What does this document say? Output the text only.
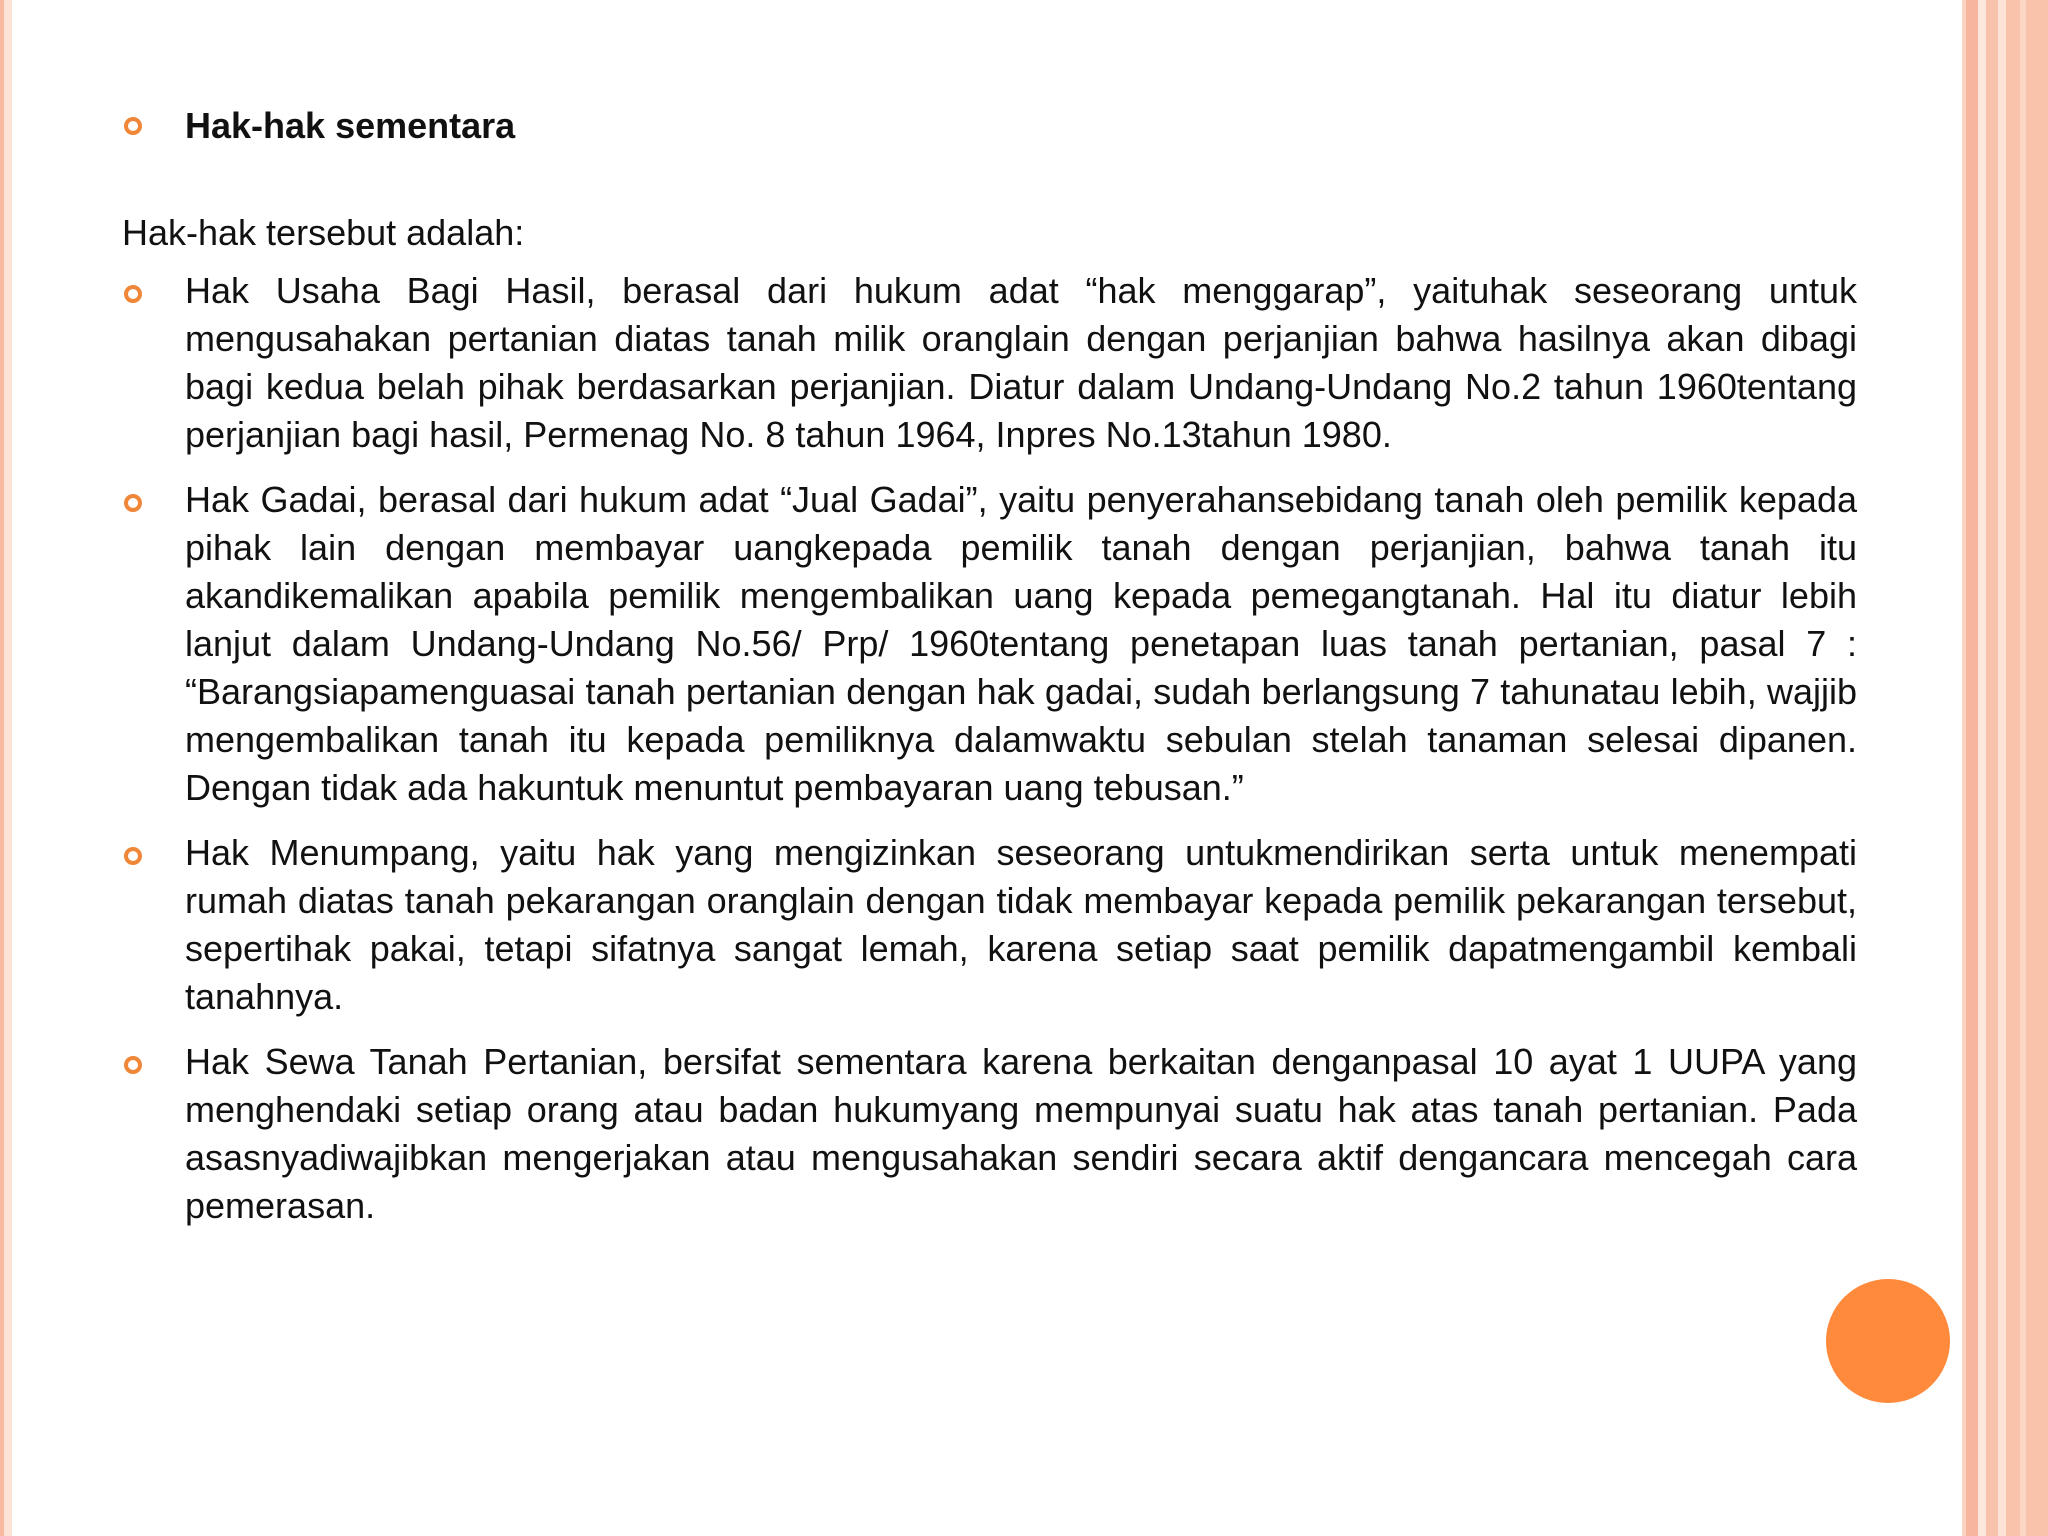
Hak-hak sementara
Hak-hak tersebut adalah:
Hak Usaha Bagi Hasil, berasal dari hukum adat “hak menggarap”, yaituhak seseorang untuk mengusahakan pertanian diatas tanah milik oranglain dengan perjanjian bahwa hasilnya akan dibagi bagi kedua belah pihak berdasarkan perjanjian. Diatur dalam Undang-Undang No.2 tahun 1960tentang perjanjian bagi hasil, Permenag No. 8 tahun 1964, Inpres No.13tahun 1980.
Hak Gadai, berasal dari hukum adat “Jual Gadai”, yaitu penyerahansebidang tanah oleh pemilik kepada pihak lain dengan membayar uangkepada pemilik tanah dengan perjanjian, bahwa tanah itu akandikemalikan apabila pemilik mengembalikan uang kepada pemegangtanah. Hal itu diatur lebih lanjut dalam Undang-Undang No.56/ Prp/ 1960tentang penetapan luas tanah pertanian, pasal 7 : “Barangsiapamenguasai tanah pertanian dengan hak gadai, sudah berlangsung 7 tahunatau lebih, wajjib mengembalikan tanah itu kepada pemiliknya dalamwaktu sebulan stelah tanaman selesai dipanen. Dengan tidak ada hakuntuk menuntut pembayaran uang tebusan.”
Hak Menumpang, yaitu hak yang mengizinkan seseorang untukmendirikan serta untuk menempati rumah diatas tanah pekarangan oranglain dengan tidak membayar kepada pemilik pekarangan tersebut, sepertihak pakai, tetapi sifatnya sangat lemah, karena setiap saat pemilik dapatmengambil kembali tanahnya.
Hak Sewa Tanah Pertanian, bersifat sementara karena berkaitan denganpasal 10 ayat 1 UUPA yang menghendaki setiap orang atau badan hukumyang mempunyai suatu hak atas tanah pertanian. Pada asasnyadiwajibkan mengerjakan atau mengusahakan sendiri secara aktif dengancara mencegah cara pemerasan.
